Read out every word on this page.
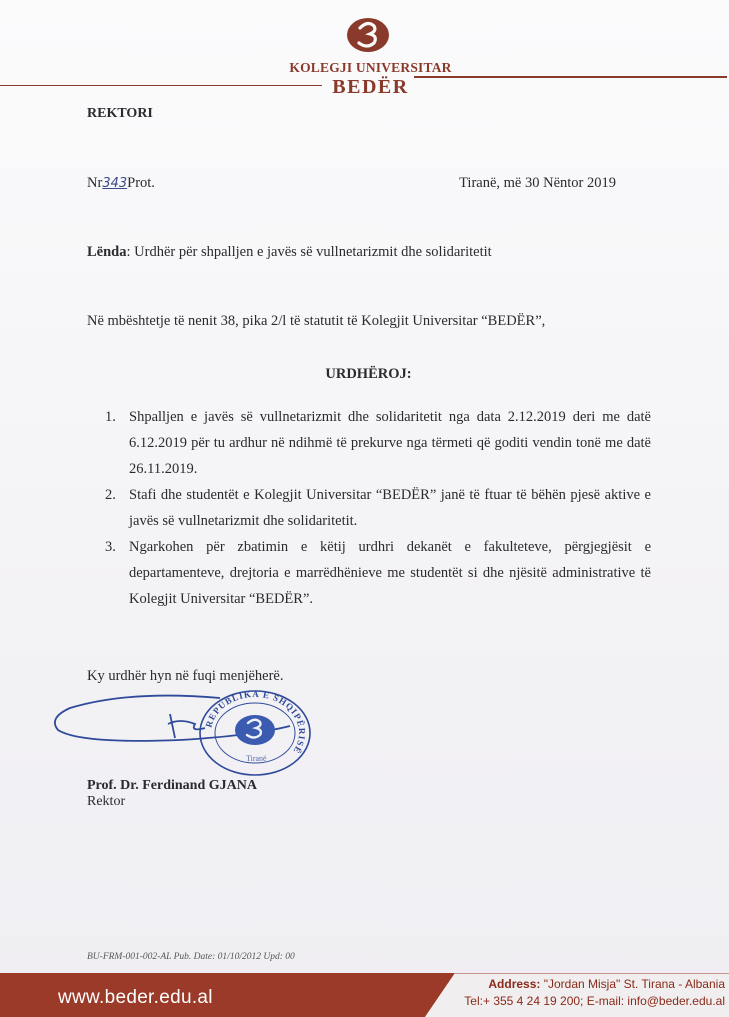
KOLEGJI UNIVERSITAR
BEDËR
REKTORI
Nr343Prot.	Tiranë, më 30 Nëntor 2019
Lënda: Urdhër për shpalljen e javës së vullnetarizmit dhe solidaritetit
Në mbështetje të nenit 38, pika 2/l të statutit të Kolegjit Universitar “BEDËR”,
URDHËROJ:
1. Shpalljen e javës së vullnetarizmit dhe solidaritetit nga data 2.12.2019 deri me datë 6.12.2019 për tu ardhur në ndihmë të prekurve nga tërmeti që goditi vendin tonë me datë 26.11.2019.
2. Stafi dhe studentët e Kolegjit Universitar “BEDËR” janë të ftuar të bëhën pjesë aktive e javës së vullnetarizmit dhe solidaritetit.
3. Ngarkohen për zbatimin e këtij urdhri dekanët e fakulteteve, përgjegjësit e departamenteve, drejtoria e marrëdhënieve me studentët si dhe njësitë administrative të Kolegjit Universitar “BEDËR”.
Ky urdhër hyn në fuqi menjëherë.
REPUBLIKA E SHQIPËRISË
Tiranë
Prof. Dr. Ferdinand GJANA
Rektor
BU-FRM-001-002-AL Pub. Date: 01/10/2012 Upd: 00
www.beder.edu.al
Address: "Jordan Misja" St. Tirana - Albania
Tel:+ 355 4 24 19 200; E-mail: info@beder.edu.al
